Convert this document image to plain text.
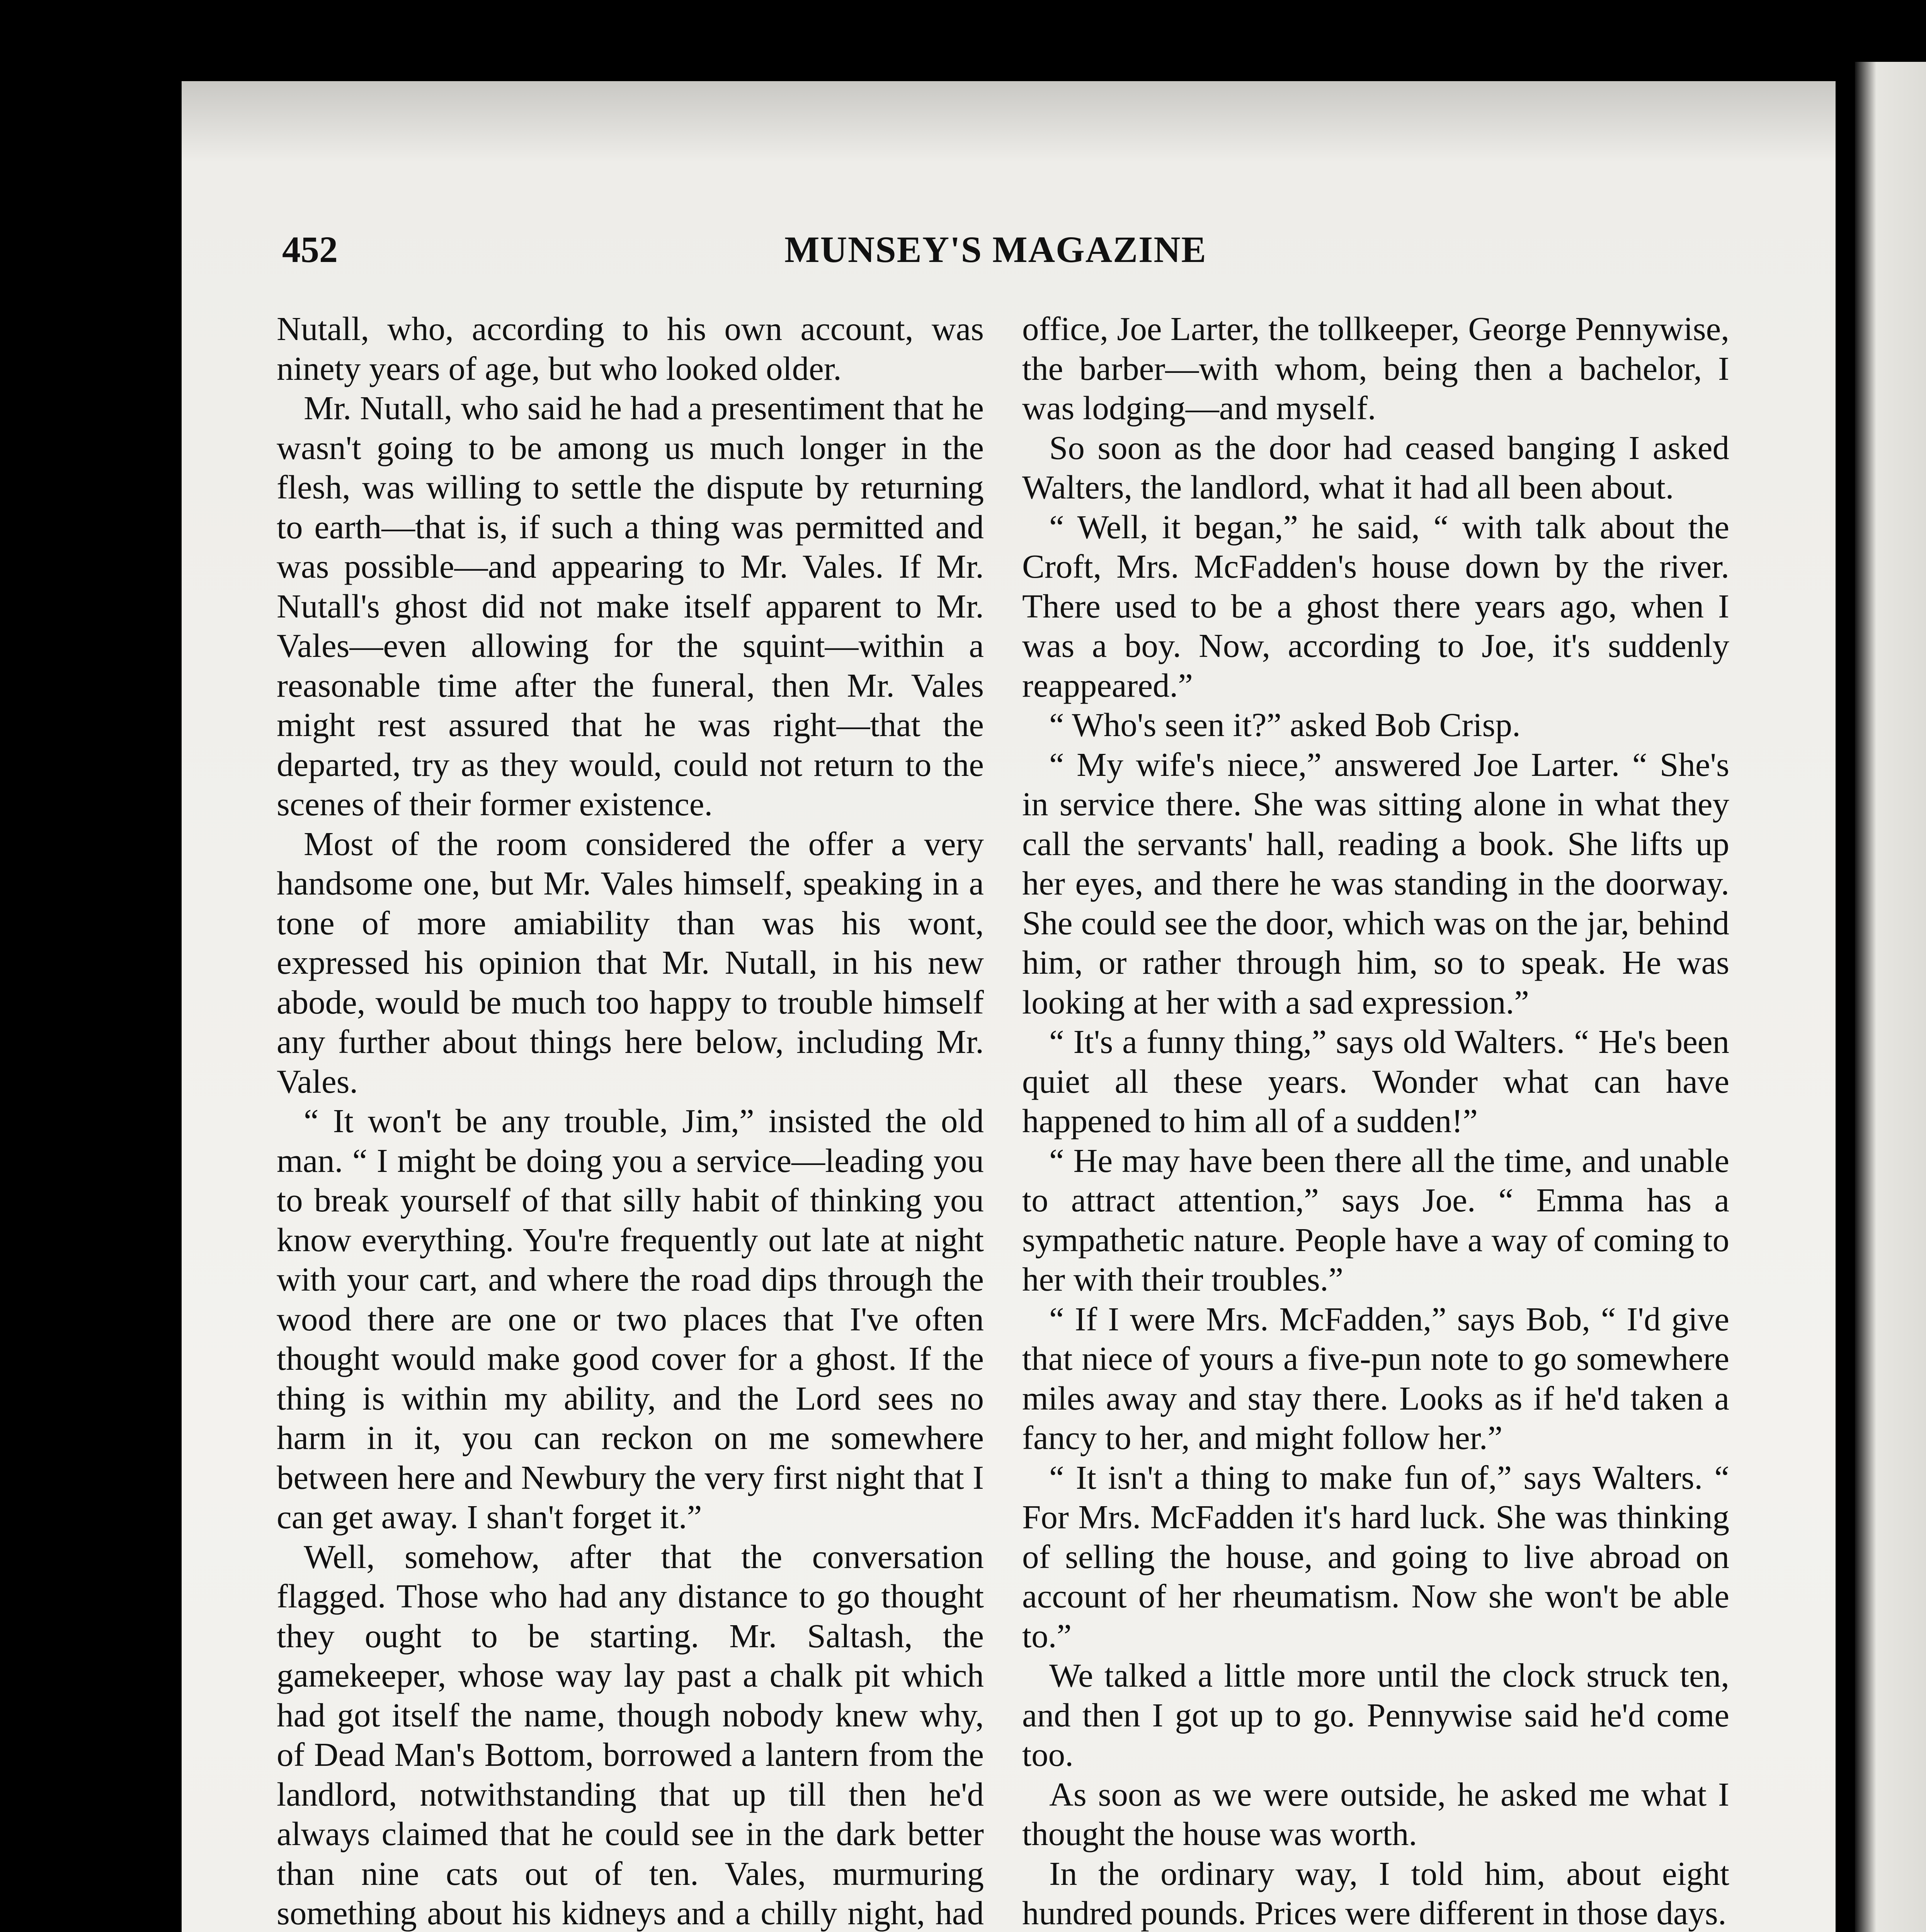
452	MUNSEY'S MAGAZINE

Nutall, who, according to his own account, was ninety years of age, but who looked older.

Mr. Nutall, who said he had a presentiment that he wasn't going to be among us much longer in the flesh, was willing to settle the dispute by returning to earth—that is, if such a thing was permitted and was possible—and appearing to Mr. Vales. If Mr. Nutall's ghost did not make itself apparent to Mr. Vales—even allowing for the squint—within a reasonable time after the funeral, then Mr. Vales might rest assured that he was right—that the departed, try as they would, could not return to the scenes of their former existence.

Most of the room considered the offer a very handsome one, but Mr. Vales himself, speaking in a tone of more amiability than was his wont, expressed his opinion that Mr. Nutall, in his new abode, would be much too happy to trouble himself any further about things here below, including Mr. Vales.

“ It won't be any trouble, Jim,” insisted the old man. “ I might be doing you a service—leading you to break yourself of that silly habit of thinking you know everything. You're frequently out late at night with your cart, and where the road dips through the wood there are one or two places that I've often thought would make good cover for a ghost. If the thing is within my ability, and the Lord sees no harm in it, you can reckon on me somewhere between here and Newbury the very first night that I can get away. I shan't forget it.”

Well, somehow, after that the conversation flagged. Those who had any distance to go thought they ought to be starting. Mr. Saltash, the gamekeeper, whose way lay past a chalk pit which had got itself the name, though nobody knew why, of Dead Man's Bottom, borrowed a lantern from the landlord, notwithstanding that up till then he'd always claimed that he could see in the dark better than nine cats out of ten. Vales, murmuring something about his kidneys and a chilly night, had

office, Joe Larter, the tollkeeper, George Pennywise, the barber—with whom, being then a bachelor, I was lodging—and myself.

So soon as the door had ceased banging I asked Walters, the landlord, what it had all been about.

“ Well, it began,” he said, “ with talk about the Croft, Mrs. McFadden's house down by the river. There used to be a ghost there years ago, when I was a boy. Now, according to Joe, it's suddenly reappeared.”

“ Who's seen it?” asked Bob Crisp.

“ My wife's niece,” answered Joe Larter. “ She's in service there. She was sitting alone in what they call the servants' hall, reading a book. She lifts up her eyes, and there he was standing in the doorway. She could see the door, which was on the jar, behind him, or rather through him, so to speak. He was looking at her with a sad expression.”

“ It's a funny thing,” says old Walters. “ He's been quiet all these years. Wonder what can have happened to him all of a sudden!”

“ He may have been there all the time, and unable to attract attention,” says Joe. “ Emma has a sympathetic nature. People have a way of coming to her with their troubles.”

“ If I were Mrs. McFadden,” says Bob, “ I'd give that niece of yours a five-pun note to go somewhere miles away and stay there. Looks as if he'd taken a fancy to her, and might follow her.”

“ It isn't a thing to make fun of,” says Walters. “ For Mrs. McFadden it's hard luck. She was thinking of selling the house, and going to live abroad on account of her rheumatism. Now she won't be able to.”

We talked a little more until the clock struck ten, and then I got up to go. Pennywise said he'd come too.

As soon as we were outside, he asked me what I thought the house was worth.

In the ordinary way, I told him, about eight hundred pounds. Prices were different in those days.
